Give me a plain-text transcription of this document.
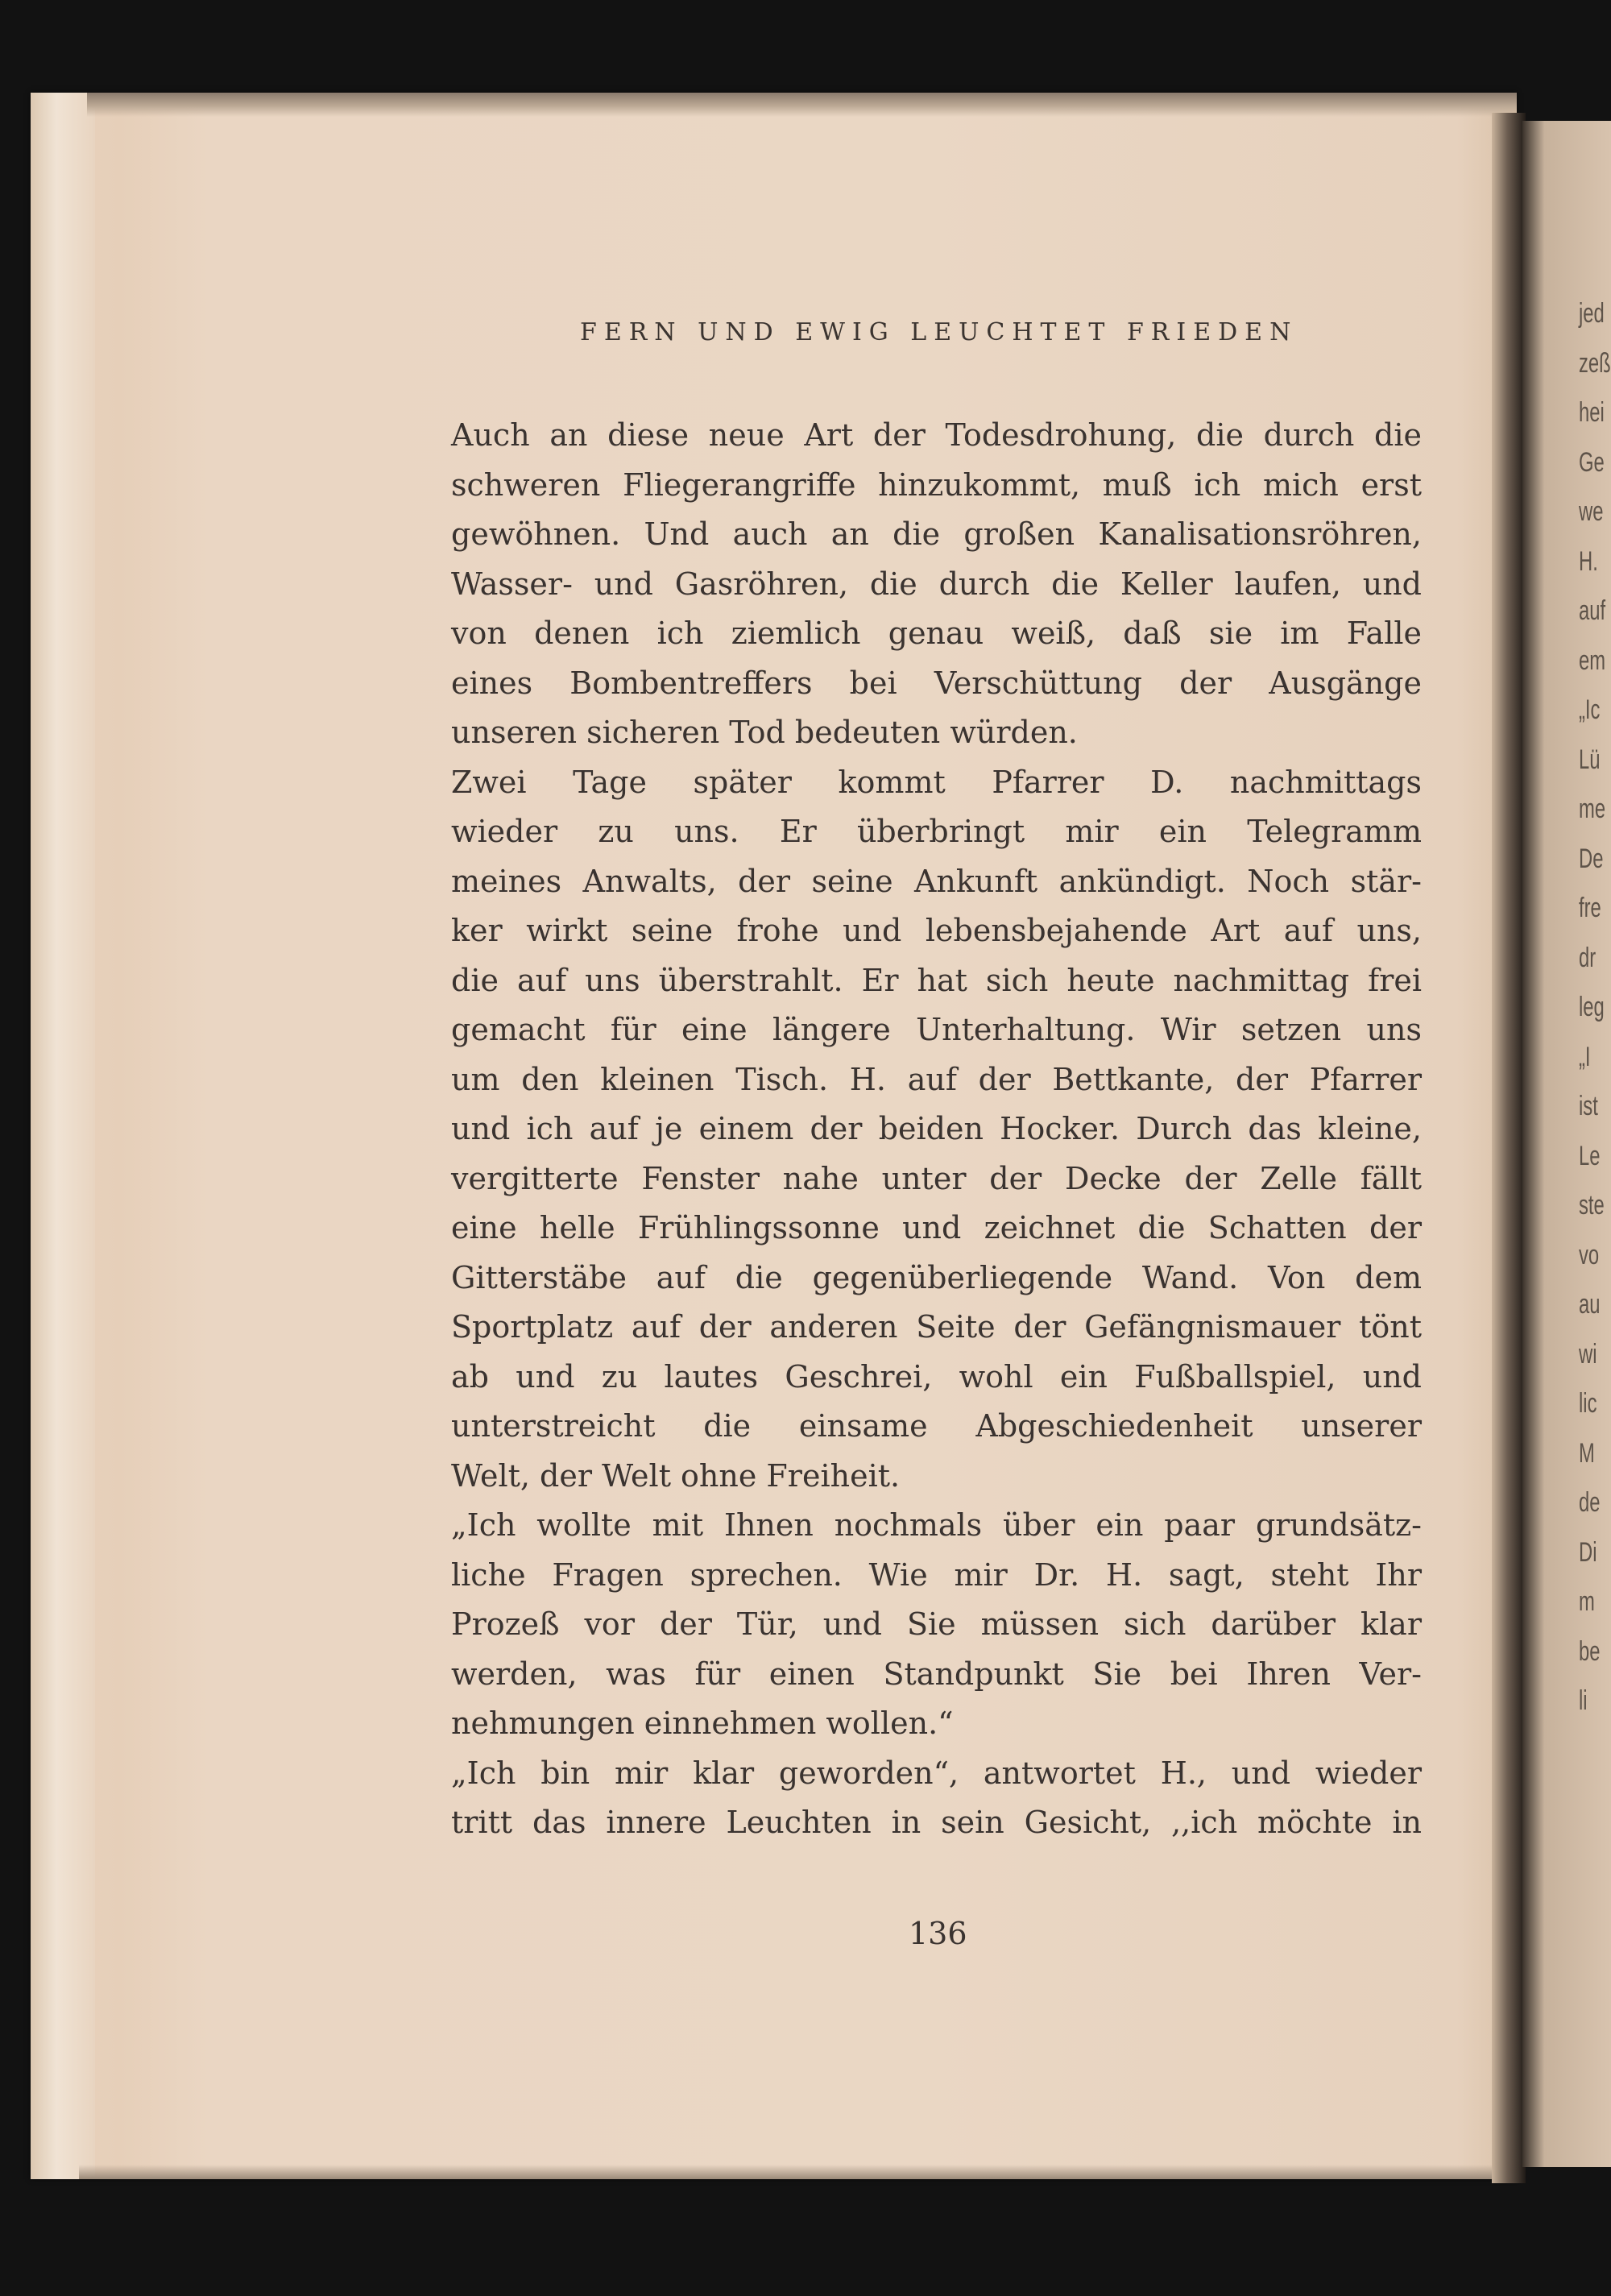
jed
zeß
hei
Ge
we
H.
auf
em
„Ic
Lü
me
De
fre
dr
leg
„I
ist
Le
ste
vo
au
wi
lic
M
de
Di
m
be
li
FERN UND EWIG LEUCHTET FRIEDEN
Auch an diese neue Art der Todesdrohung, die durch die
schweren Fliegerangriffe hinzukommt, muß ich mich erst
gewöhnen. Und auch an die großen Kanalisationsröhren,
Wasser- und Gasröhren, die durch die Keller laufen, und
von denen ich ziemlich genau weiß, daß sie im Falle
eines Bombentreffers bei Verschüttung der Ausgänge
unseren sicheren Tod bedeuten würden.
Zwei Tage später kommt Pfarrer D. nachmittags
wieder zu uns. Er überbringt mir ein Telegramm
meines Anwalts, der seine Ankunft ankündigt. Noch stär-
ker wirkt seine frohe und lebensbejahende Art auf uns,
die auf uns überstrahlt. Er hat sich heute nachmittag frei
gemacht für eine längere Unterhaltung. Wir setzen uns
um den kleinen Tisch. H. auf der Bettkante, der Pfarrer
und ich auf je einem der beiden Hocker. Durch das kleine,
vergitterte Fenster nahe unter der Decke der Zelle fällt
eine helle Frühlingssonne und zeichnet die Schatten der
Gitterstäbe auf die gegenüberliegende Wand. Von dem
Sportplatz auf der anderen Seite der Gefängnismauer tönt
ab und zu lautes Geschrei, wohl ein Fußballspiel, und
unterstreicht die einsame Abgeschiedenheit unserer
Welt, der Welt ohne Freiheit.
„Ich wollte mit Ihnen nochmals über ein paar grundsätz-
liche Fragen sprechen. Wie mir Dr. H. sagt, steht Ihr
Prozeß vor der Tür, und Sie müssen sich darüber klar
werden, was für einen Standpunkt Sie bei Ihren Ver-
nehmungen einnehmen wollen.“
„Ich bin mir klar geworden“, antwortet H., und wieder
tritt das innere Leuchten in sein Gesicht, ,,ich möchte in
136
